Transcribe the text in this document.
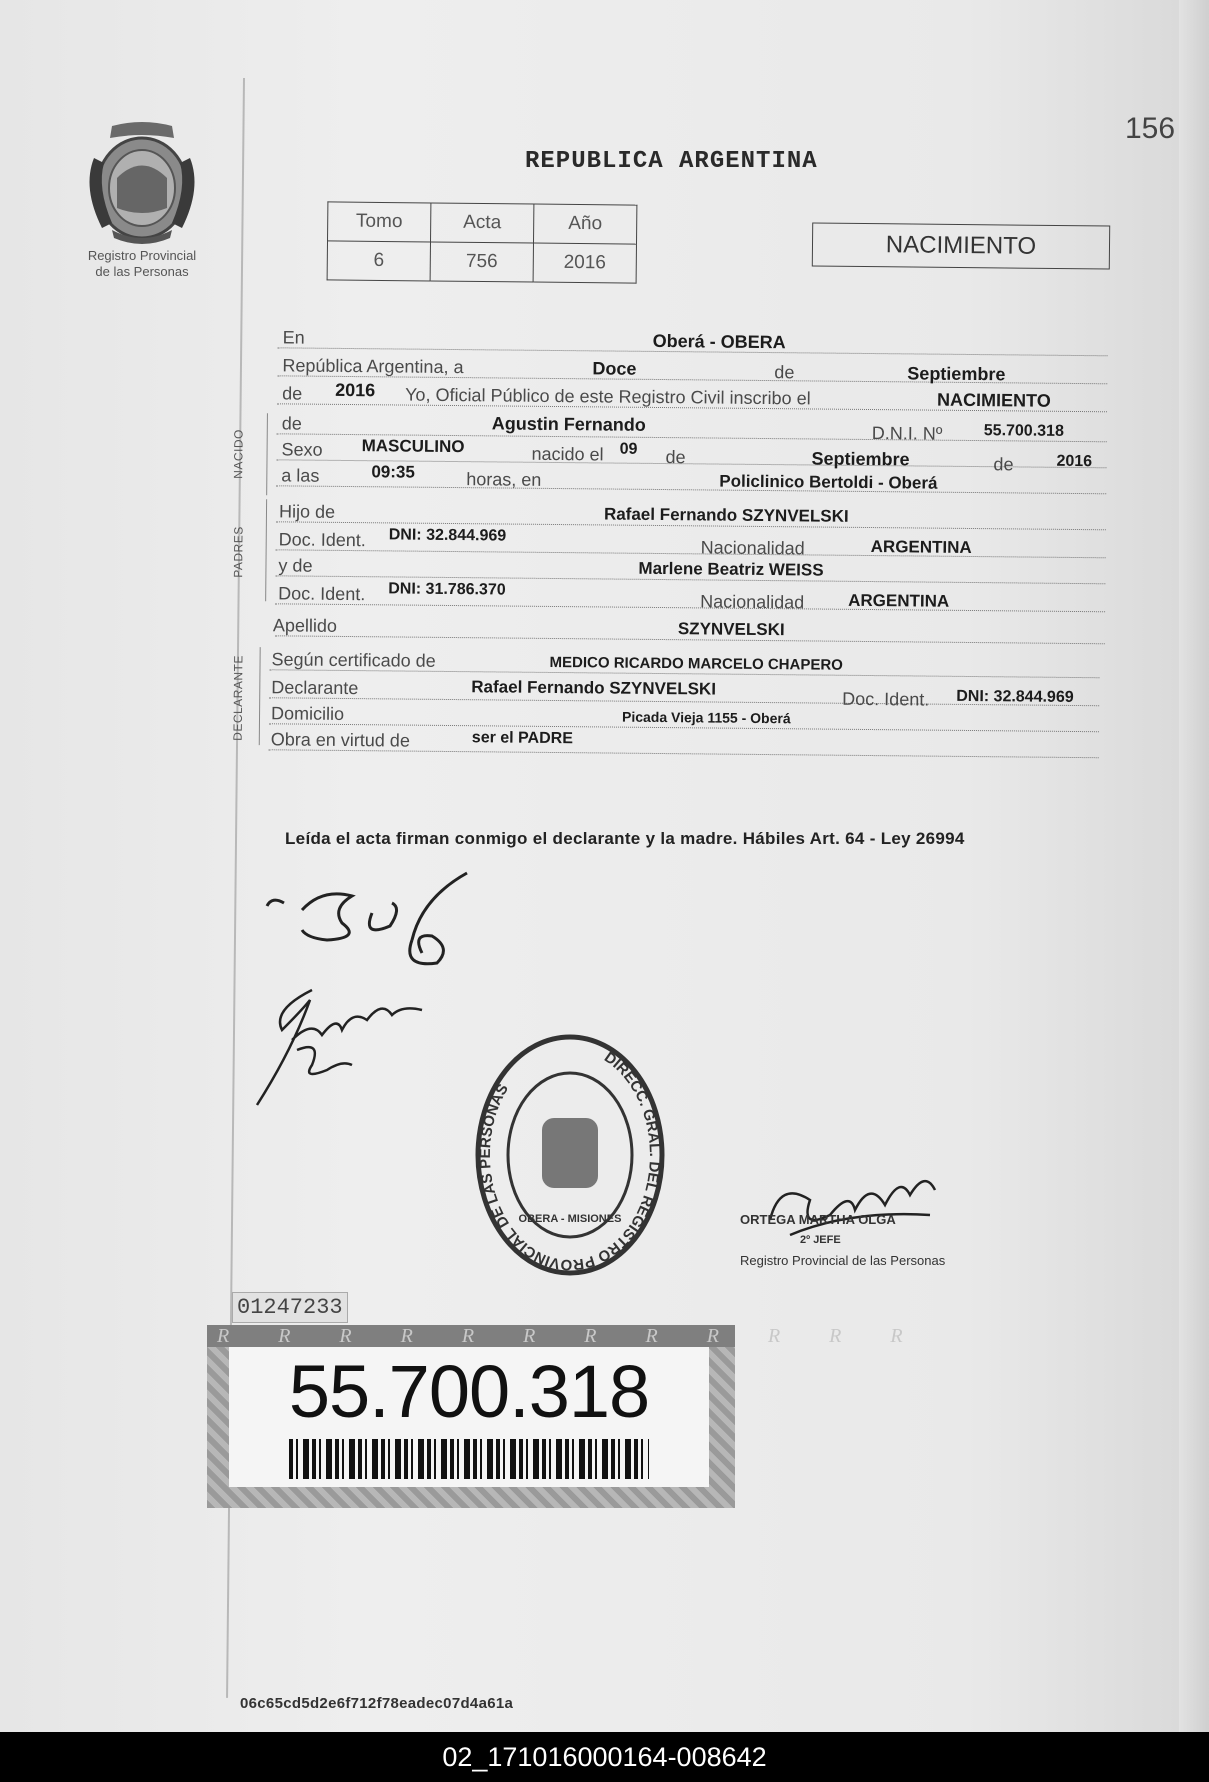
Registro Provincial
de las Personas
156
REPUBLICA ARGENTINA
Tomo	Acta	Año
6	756	2016
NACIMIENTO
En	Oberá - OBERA
República Argentina, a	Doce	de	Septiembre
de 2016 Yo, Oficial Público de este Registro Civil inscribo el	NACIMIENTO
NACIDO
de	Agustin Fernando	D.N.I. Nº	55.700.318
Sexo MASCULINO	nacido el 09 de	Septiembre	de	2016
a las	09:35	horas, en	Policlinico Bertoldi - Oberá
PADRES
Hijo de	Rafael Fernando SZYNVELSKI
Doc. Ident. DNI: 32.844.969
Nacionalidad	ARGENTINA
y de	Marlene Beatriz WEISS
Doc. Ident. DNI: 31.786.370
Nacionalidad	ARGENTINA
Apellido	SZYNVELSKI
DECLARANTE Según certificado de	MEDICO RICARDO MARCELO CHAPERO
Declarante	Rafael Fernando SZYNVELSKI
Doc. Ident. DNI: 32.844.969
Domicilio	Picada Vieja 1155 - Oberá
Obra en virtud de	ser el PADRE
Leída el acta firman conmigo el declarante y la madre. Hábiles Art. 64 - Ley 26994
DIRECC. GRAL. DEL REGISTRO PROVINCIAL DE LAS PERSONAS
OBERA - MISIONES	ORTEGA MARTHA OLGA
2º JEFE
Registro Provincial de las Personas
01247233
R R R R R R R R R R R R
55.700.318
06c65cd5d2e6f712f78eadec07d4a61a
02_171016000164-008642
